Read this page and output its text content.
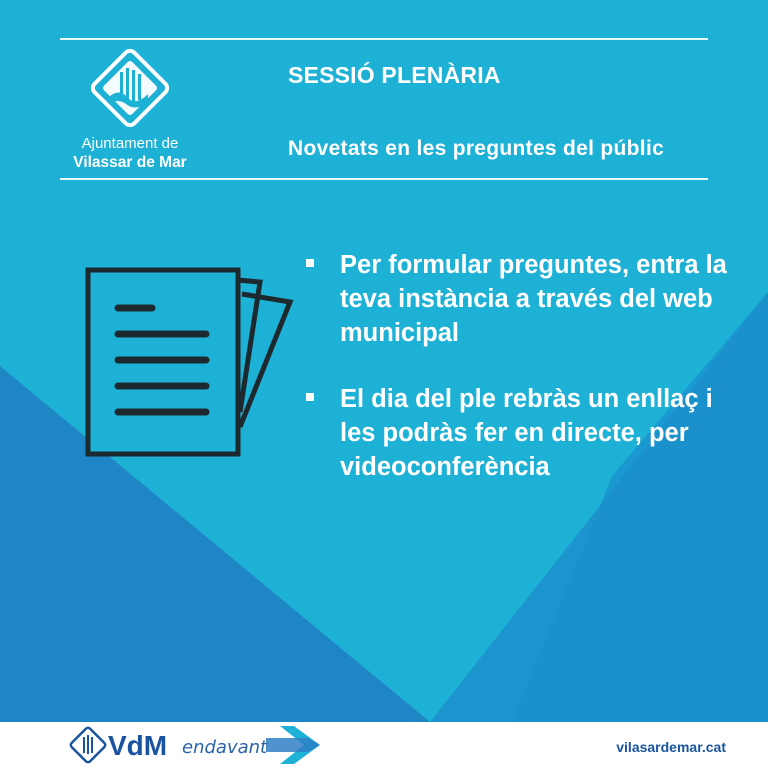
Ajuntament de
Vilassar de Mar
SESSIÓ PLENÀRIA
Novetats en les preguntes del públic
Per formular preguntes, entra la teva instància a través del web municipal
El dia del ple rebràs un enllaç i les podràs fer en directe, per videoconferència
VdM endavant	vilasardemar.cat
